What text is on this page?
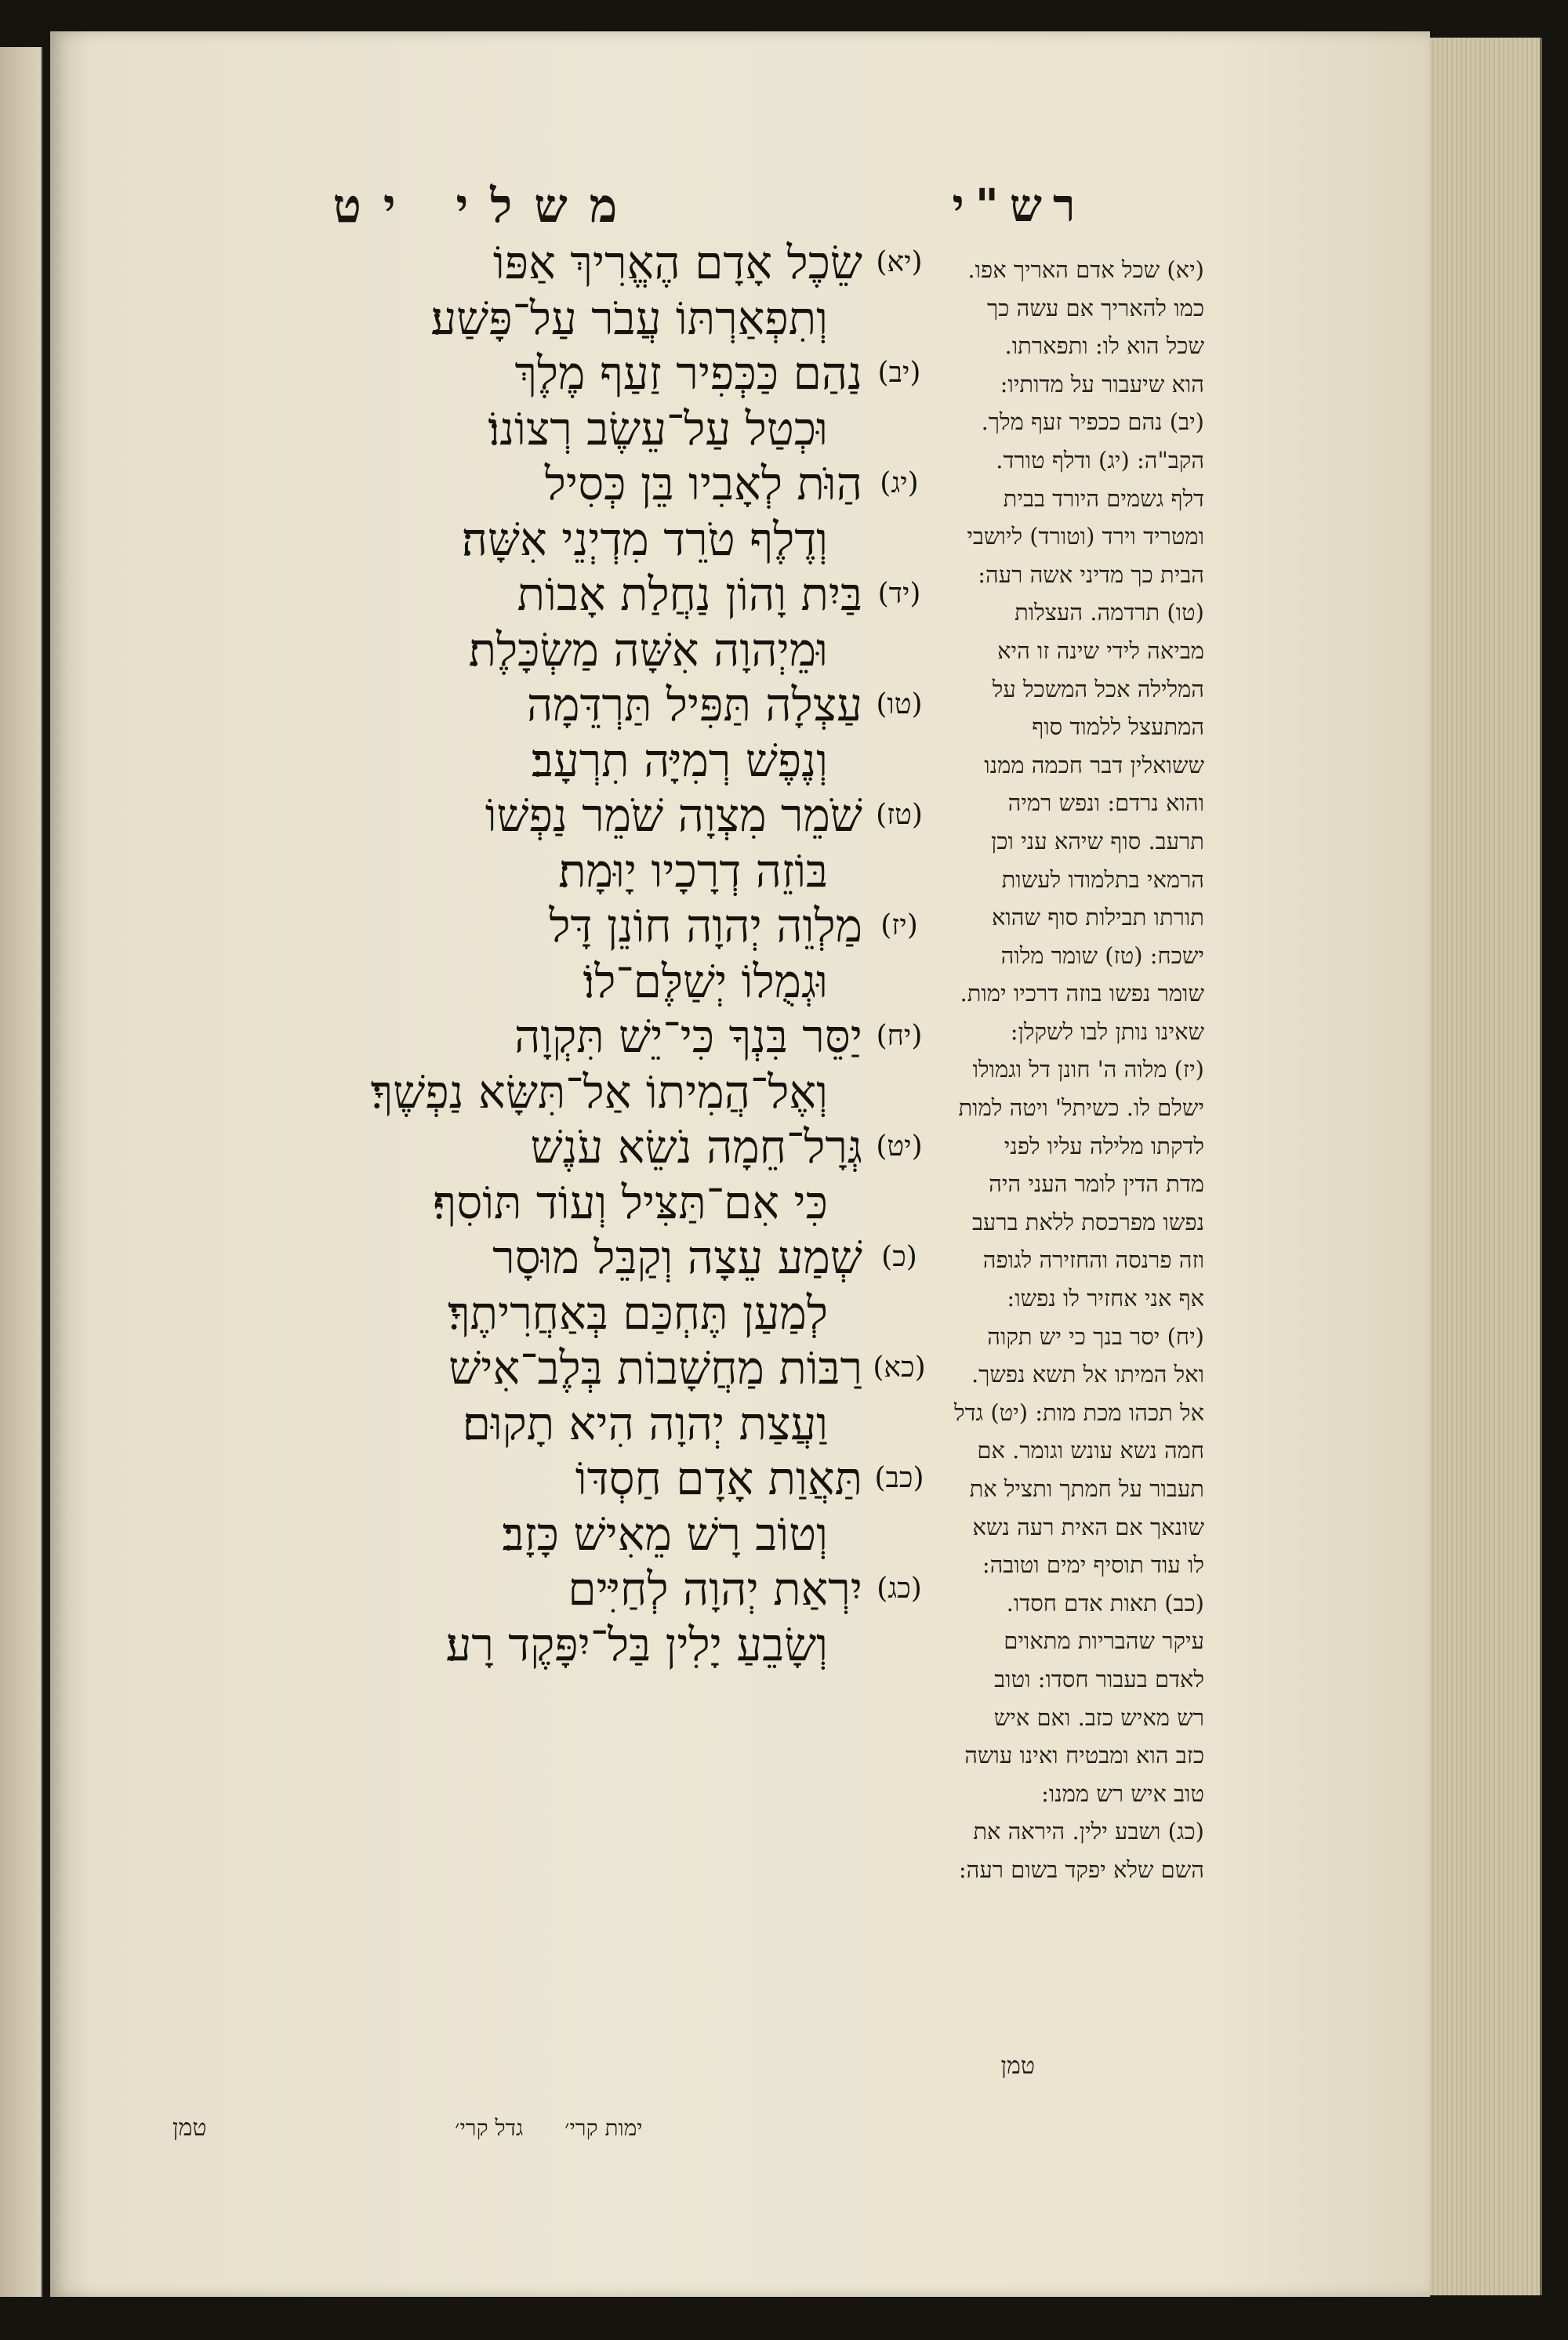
משלי יט	רש"י
(יא)
שֵׂכֶל אָדָם הֶאֱרִיךְ אַפּוֹ
וְתִפְאַרְתּוֹ עֲבֹר עַל־פָּשַׁע׃
(יב)
נַהַם כַּכְּפִיר זַעַף מֶלֶךְ
וּכְטַל עַל־עֵשֶׂב רְצוֹנוֹ׃
(יג)
הַוֺּת לְאָבִיו בֵּן כְּסִיל
וְדֶלֶף טֹרֵד מִדְיְנֵי אִשָּׁה׃
(יד)
בַּיִת וָהוֹן נַחֲלַת אָבוֹת
וּמֵיְהוָה אִשָּׁה מַשְׂכָּלֶת׃
(טו)
עַצְלָה תַּפִּיל תַּרְדֵּמָה
וְנֶפֶשׁ רְמִיָּה תִרְעָב׃
(טז)
שֹׁמֵר מִצְוָה שֹׁמֵר נַפְשׁוֹ
בּוֹזֵה דְרָכָיו יָוּמָת׃
(יז)
מַלְוֵה יְהוָה חוֹנֵן דָּל
וּגְמֻלוֹ יְשַׁלֶּם־לוֹ׃
(יח)
יַסֵּר בִּנְךָ כִּי־יֵשׁ תִּקְוָה
וְאֶל־הֲמִיתוֹ אַל־תִּשָּׂא נַפְשֶׁךָ׃
(יט)
גְּרָל־חֵמָה נֹשֵׂא עֹנֶשׁ
כִּי אִם־תַּצִּיל וְעוֹד תּוֹסִף׃
(כ)
שְׁמַע עֵצָה וְקַבֵּל מוּסָר
לְמַעַן תֶּחְכַּם בְּאַחֲרִיתֶךָ׃
(כא)
רַבּוֹת מַחֲשָׁבוֹת בְּלֶב־אִישׁ
וַעֲצַת יְהוָה הִיא תָקוּם׃
(כב)
תַּאֲוַת אָדָם חַסְדּוֹ
וְטוֹב רָשׁ מֵאִישׁ כָּזָב׃
(כג)
יִרְאַת יְהוָה לְחַיִּים
וְשָׂבֵעַ יָלִין בַּל־יִפָּקֶד רָע׃
(יא) שכל אדם האריך אפו.
כמו להאריך אם עשה כך
שכל הוא לו: ותפארתו.
הוא שיעבור על מדותיו:
(יב) נהם ככפיר זעף מלך.
הקב"ה: (יג) ודלף טורד.
דלף גשמים היורד בבית
ומטריד וירד (וטורד) ליושבי
הבית כך מדיני אשה רעה:
(טו) תרדמה. העצלות
מביאה לידי שינה זו היא
המלילה אכל המשכל על
המתעצל ללמוד סוף
ששואלין דבר חכמה ממנו
והוא נרדם: ונפש רמיה
תרעב. סוף שיהא עני וכן
הרמאי בתלמודו לעשות
תורתו תבילות סוף שהוא
ישכח: (טז) שומר מלוה
שומר נפשו בוזה דרכיו ימות.
שאינו נותן לבו לשקלן:
(יז) מלוה ה' חונן דל וגמולו
ישלם לו. כשיתל' ויטה למות
לדקתו מלילה עליו לפני
מדת הדין לומר העני היה
נפשו מפרכסת ללאת ברעב
וזה פרנסה והחזירה לגופה
אף אני אחזיר לו נפשו:
(יח) יסר בנך כי יש תקוה
ואל המיתו אל תשא נפשך.
אל תכהו מכת מות: (יט) גדל
חמה נשא עונש וגומר. אם
תעבור על חמתך ותציל את
שונאך אם האית רעה נשא
לו עוד תוסיף ימים וטובה:
(כב) תאות אדם חסדו.
עיקר שהבריות מתאוים
לאדם בעבור חסדו: וטוב
רש מאיש כזב. ואם איש
כזב הוא ומבטיח ואינו עושה
טוב איש רש ממנו:
(כג) ושבע ילין. היראה את
השם שלא יפקד בשום רעה:
טמן
טמן	גדל קרי׳ ימות קרי׳
